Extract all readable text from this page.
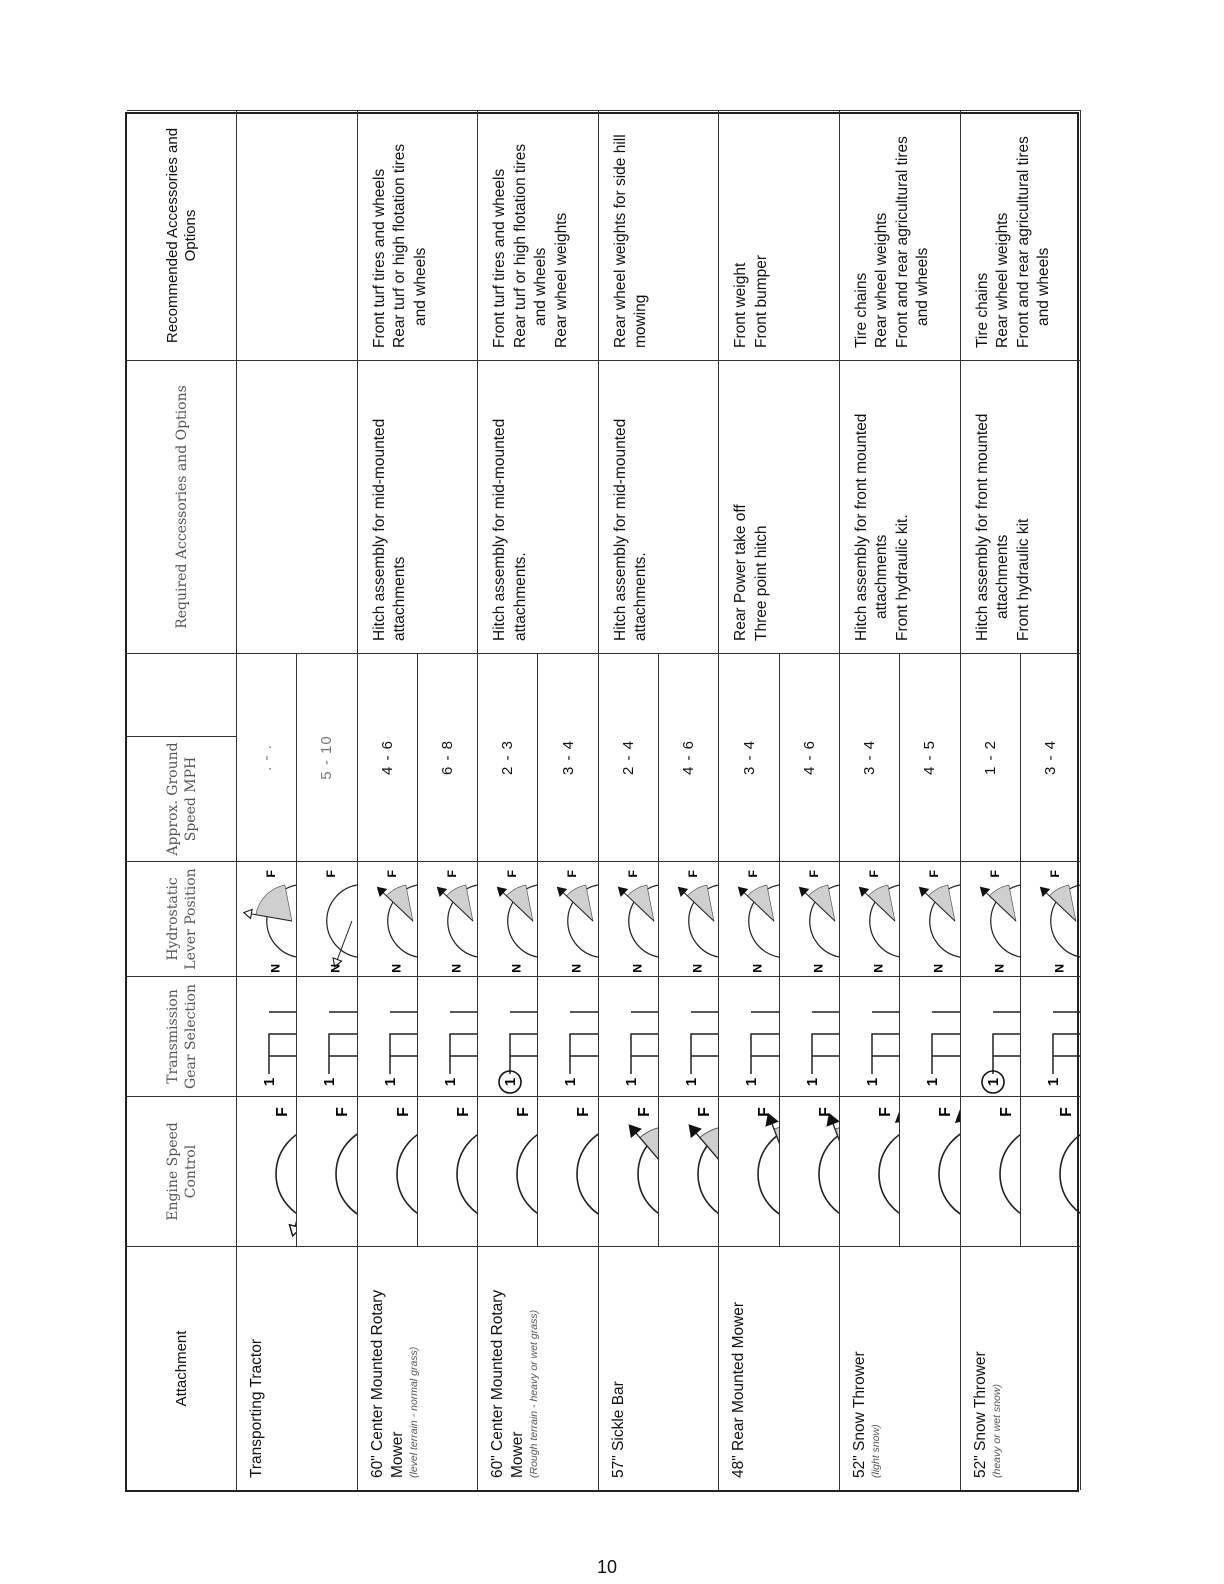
Attachment
Engine Speed Control
Transmission Gear Selection
Hydrostatic Lever Position
Approx. Ground Speed MPH
Required Accessories and Options
Recommended Accessories and Options
Transporting Tractor
F
1
N
F
. - .
F
1
N
F
5 - 10
60" Center Mounted Rotary Mower (level terrain - normal grass)
F
1
N
F
4 - 6
F
1
N
F
6 - 8
Hitch assembly for mid-mounted attachments
Front turf tires and wheels Rear turf or high flotation tires and wheels
60" Center Mounted Rotary Mower (Rough terrain - heavy or wet grass)
F
1
N
F
2 - 3
F
1
N
F
3 - 4
Hitch assembly for mid-mounted attachments.
Front turf tires and wheels Rear turf or high flotation tires and wheels Rear wheel weights
57" Sickle Bar
F
1
N
F
2 - 4
F
1
N
F
4 - 6
Hitch assembly for mid-mounted attachments.
Rear wheel weights for side hill mowing
48" Rear Mounted Mower
F
1
N
F
3 - 4
F
1
N
F
4 - 6
Rear Power take off Three point hitch
Front weight Front bumper
52" Snow Thrower (light snow)
F
1
N
F
3 - 4
F
1
N
F
4 - 5
Hitch assembly for front mounted attachments Front hydraulic kit.
Tire chains Rear wheel weights Front and rear agricultural tires and wheels
52" Snow Thrower (heavy or wet snow)
F
1
N
F
1 - 2
F
1
N
F
3 - 4
Hitch assembly for front mounted attachments Front hydraulic kit
Tire chains Rear wheel weights Front and rear agricultural tires and wheels
10
